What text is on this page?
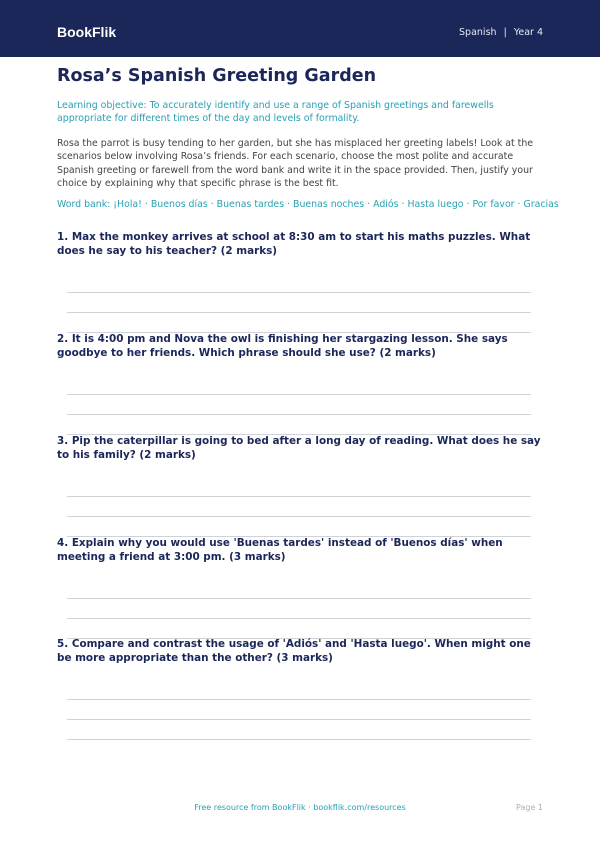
BookFlik	Spanish | Year 4
Rosa’s Spanish Greeting Garden

Learning objective: To accurately identify and use a range of Spanish greetings and farewells appropriate for different times of the day and levels of formality.

Rosa the parrot is busy tending to her garden, but she has misplaced her greeting labels! Look at the scenarios below involving Rosa’s friends. For each scenario, choose the most polite and accurate Spanish greeting or farewell from the word bank and write it in the space provided. Then, justify your choice by explaining why that specific phrase is the best fit.

Word bank: ¡Hola! · Buenos días · Buenas tardes · Buenas noches · Adiós · Hasta luego · Por favor · Gracias

1. Max the monkey arrives at school at 8:30 am to start his maths puzzles. What does he say to his teacher? (2 marks)

2. It is 4:00 pm and Nova the owl is finishing her stargazing lesson. She says goodbye to her friends. Which phrase should she use? (2 marks)

3. Pip the caterpillar is going to bed after a long day of reading. What does he say to his family? (2 marks)

4. Explain why you would use 'Buenas tardes' instead of 'Buenos días' when meeting a friend at 3:00 pm. (3 marks)

5. Compare and contrast the usage of 'Adiós' and 'Hasta luego'. When might one be more appropriate than the other? (3 marks)

Free resource from BookFlik · bookflik.com/resources	Page 1
